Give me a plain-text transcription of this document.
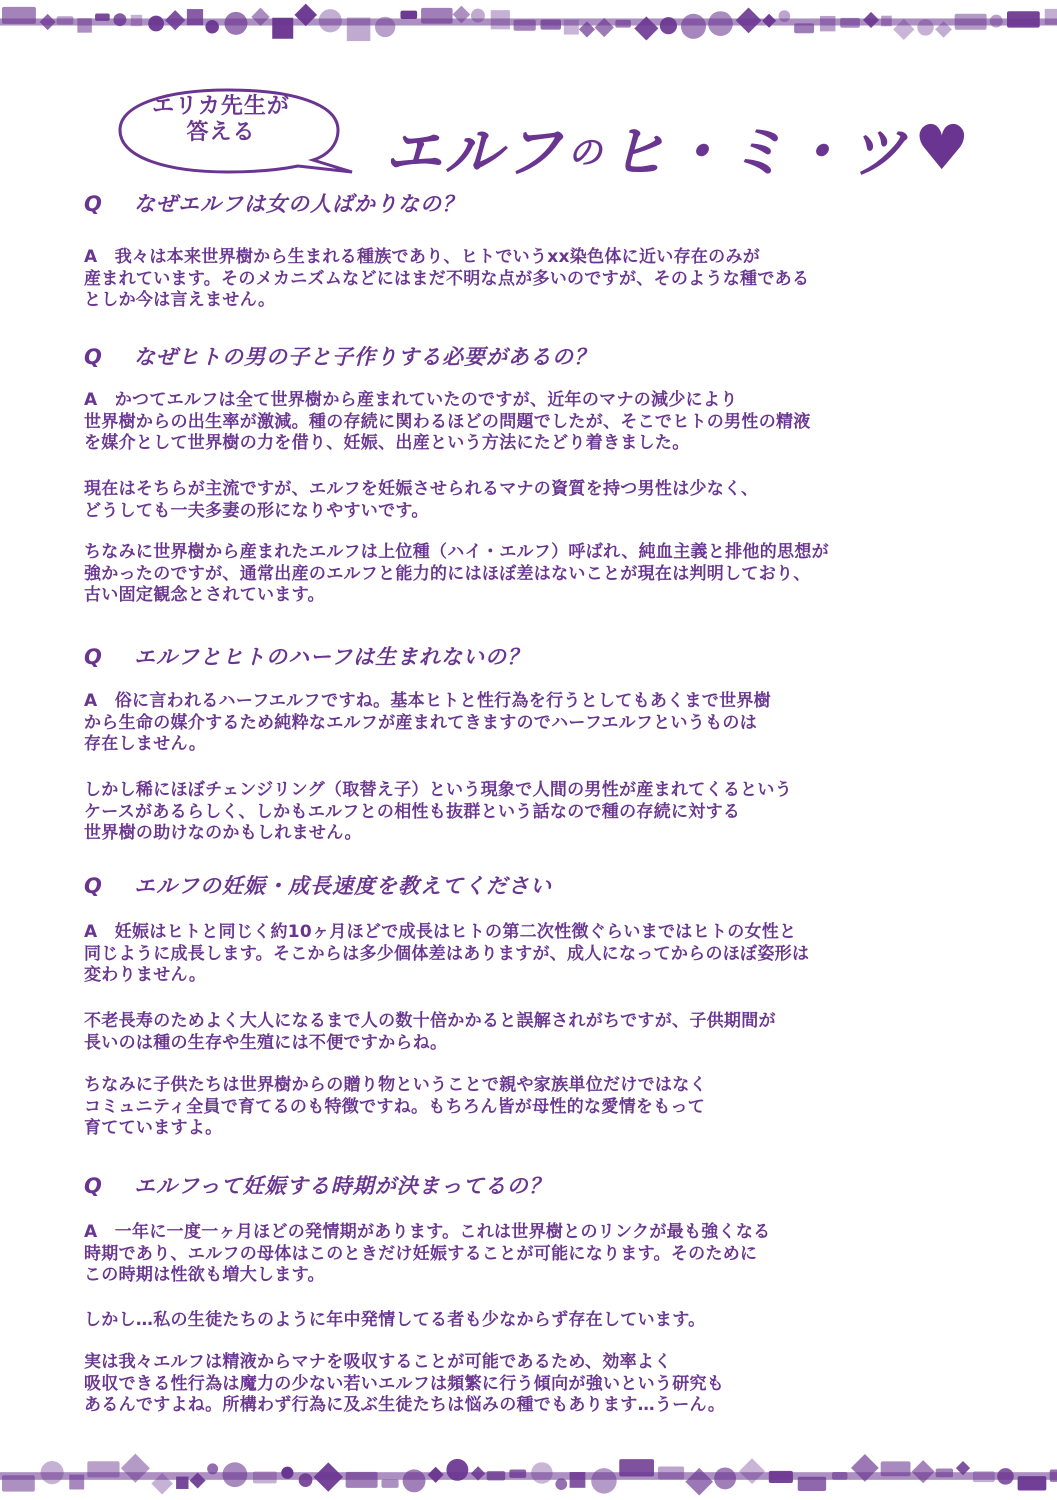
エリカ先生が
答える	エルフ の ヒ・ミ・ツ ♥
Q なぜエルフは女の人ばかりなの？
A　我々は本来世界樹から生まれる種族であり、ヒトでいうxx染色体に近い存在のみが
産まれています。そのメカニズムなどにはまだ不明な点が多いのですが、そのような種である
としか今は言えません。
Q なぜヒトの男の子と子作りする必要があるの？
A　かつてエルフは全て世界樹から産まれていたのですが、近年のマナの減少により
世界樹からの出生率が激減。種の存続に関わるほどの問題でしたが、そこでヒトの男性の精液
を媒介として世界樹の力を借り、妊娠、出産という方法にたどり着きました。
現在はそちらが主流ですが、エルフを妊娠させられるマナの資質を持つ男性は少なく、
どうしても一夫多妻の形になりやすいです。
ちなみに世界樹から産まれたエルフは上位種（ハイ・エルフ）呼ばれ、純血主義と排他的思想が
強かったのですが、通常出産のエルフと能力的にはほぼ差はないことが現在は判明しており、
古い固定観念とされています。
Q エルフとヒトのハーフは生まれないの？
A　俗に言われるハーフエルフですね。基本ヒトと性行為を行うとしてもあくまで世界樹
から生命の媒介するため純粋なエルフが産まれてきますのでハーフエルフというものは
存在しません。
しかし稀にほぼチェンジリング（取替え子）という現象で人間の男性が産まれてくるという
ケースがあるらしく、しかもエルフとの相性も抜群という話なので種の存続に対する
世界樹の助けなのかもしれません。
Q エルフの妊娠・成長速度を教えてください
A　妊娠はヒトと同じく約10ヶ月ほどで成長はヒトの第二次性徴ぐらいまではヒトの女性と
同じように成長します。そこからは多少個体差はありますが、成人になってからのほぼ姿形は
変わりません。
不老長寿のためよく大人になるまで人の数十倍かかると誤解されがちですが、子供期間が
長いのは種の生存や生殖には不便ですからね。
ちなみに子供たちは世界樹からの贈り物ということで親や家族単位だけではなく
コミュニティ全員で育てるのも特徴ですね。もちろん皆が母性的な愛情をもって
育てていますよ。
Q エルフって妊娠する時期が決まってるの？
A　一年に一度一ヶ月ほどの発情期があります。これは世界樹とのリンクが最も強くなる
時期であり、エルフの母体はこのときだけ妊娠することが可能になります。そのために
この時期は性欲も増大します。
しかし…私の生徒たちのように年中発情してる者も少なからず存在しています。
実は我々エルフは精液からマナを吸収することが可能であるため、効率よく
吸収できる性行為は魔力の少ない若いエルフは頻繁に行う傾向が強いという研究も
あるんですよね。所構わず行為に及ぶ生徒たちは悩みの種でもあります…うーん。
